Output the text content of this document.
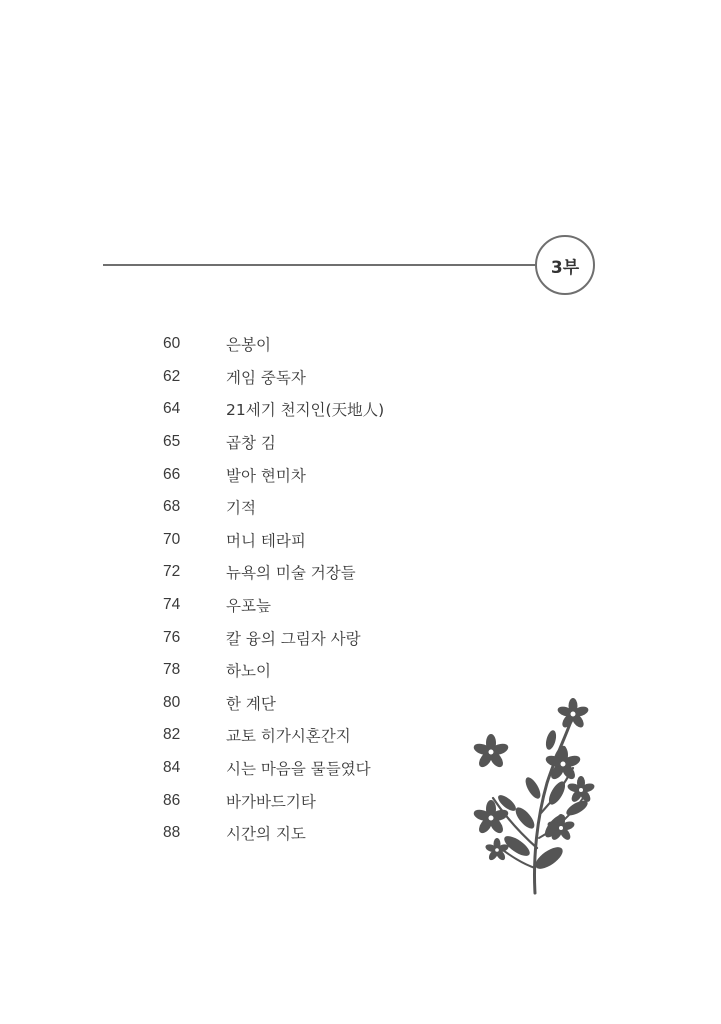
3부
60	은봉이
62	게임 중독자
64	21세기 천지인(天地人)
65	곱창 김
66	발아 현미차
68	기적
70	머니 테라피
72	뉴욕의 미술 거장들
74	우포늪
76	칼 융의 그림자 사랑
78	하노이
80	한 계단
82	교토 히가시혼간지
84	시는 마음을 물들였다
86	바가바드기타
88	시간의 지도
